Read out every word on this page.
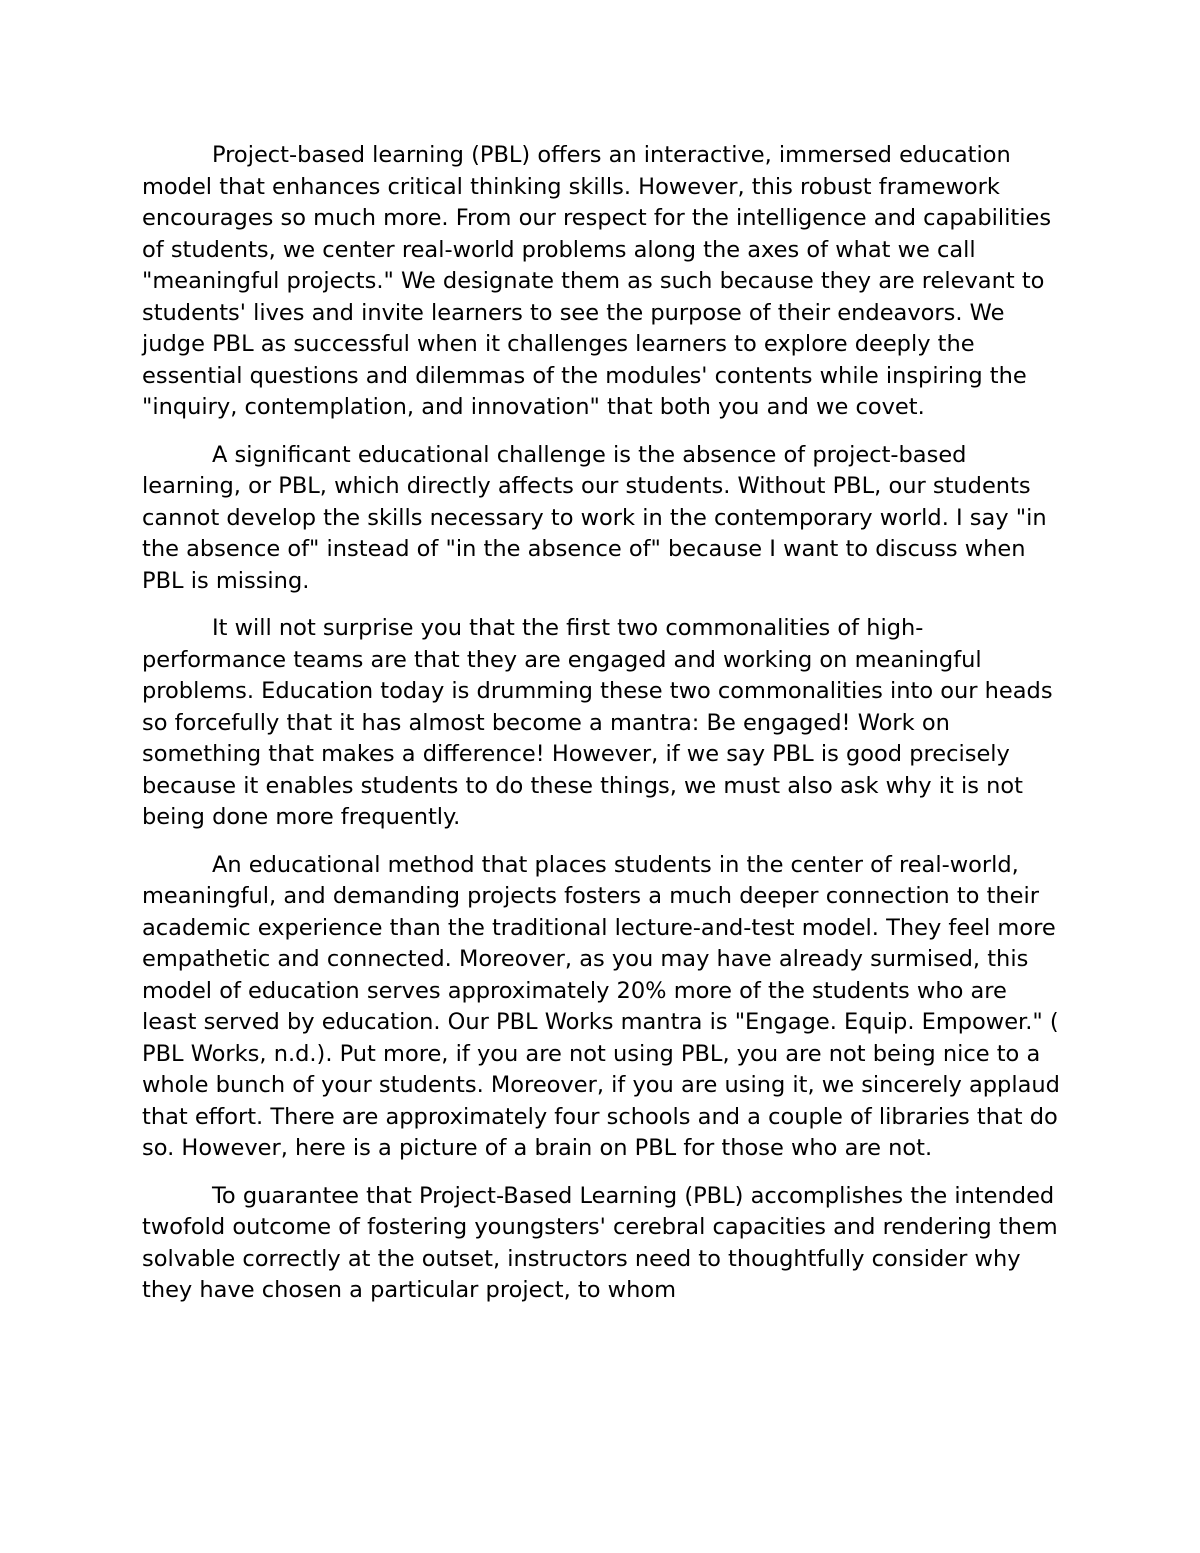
Project-based learning (PBL) offers an interactive, immersed education model that enhances critical thinking skills. However, this robust framework encourages so much more. From our respect for the intelligence and capabilities of students, we center real-world problems along the axes of what we call "meaningful projects." We designate them as such because they are relevant to students' lives and invite learners to see the purpose of their endeavors. We judge PBL as successful when it challenges learners to explore deeply the essential questions and dilemmas of the modules' contents while inspiring the "inquiry, contemplation, and innovation" that both you and we covet.

A significant educational challenge is the absence of project-based learning, or PBL, which directly affects our students. Without PBL, our students cannot develop the skills necessary to work in the contemporary world. I say "in the absence of" instead of "in the absence of" because I want to discuss when PBL is missing.

It will not surprise you that the first two commonalities of high-performance teams are that they are engaged and working on meaningful problems. Education today is drumming these two commonalities into our heads so forcefully that it has almost become a mantra: Be engaged! Work on something that makes a difference! However, if we say PBL is good precisely because it enables students to do these things, we must also ask why it is not being done more frequently.

An educational method that places students in the center of real-world, meaningful, and demanding projects fosters a much deeper connection to their academic experience than the traditional lecture-and-test model. They feel more empathetic and connected. Moreover, as you may have already surmised, this model of education serves approximately 20% more of the students who are least served by education. Our PBL Works mantra is "Engage. Equip. Empower." ( PBL Works, n.d.). Put more, if you are not using PBL, you are not being nice to a whole bunch of your students. Moreover, if you are using it, we sincerely applaud that effort. There are approximately four schools and a couple of libraries that do so. However, here is a picture of a brain on PBL for those who are not.

To guarantee that Project-Based Learning (PBL) accomplishes the intended twofold outcome of fostering youngsters' cerebral capacities and rendering them solvable correctly at the outset, instructors need to thoughtfully consider why they have chosen a particular project, to whom
